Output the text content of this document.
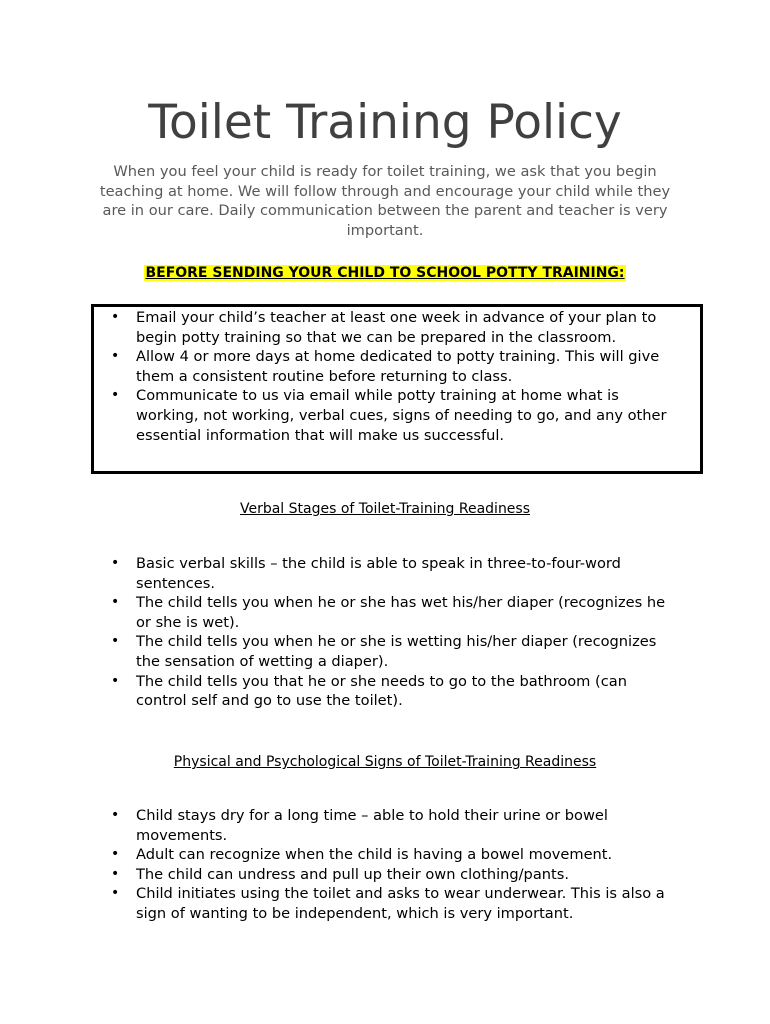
Toilet Training Policy

When you feel your child is ready for toilet training, we ask that you begin teaching at home. We will follow through and encourage your child while they are in our care. Daily communication between the parent and teacher is very important.

BEFORE SENDING YOUR CHILD TO SCHOOL POTTY TRAINING:

• Email your child’s teacher at least one week in advance of your plan to begin potty training so that we can be prepared in the classroom.
• Allow 4 or more days at home dedicated to potty training. This will give them a consistent routine before returning to class.
• Communicate to us via email while potty training at home what is working, not working, verbal cues, signs of needing to go, and any other essential information that will make us successful.

Verbal Stages of Toilet-Training Readiness

• Basic verbal skills – the child is able to speak in three-to-four-word sentences.
• The child tells you when he or she has wet his/her diaper (recognizes he or she is wet).
• The child tells you when he or she is wetting his/her diaper (recognizes the sensation of wetting a diaper).
• The child tells you that he or she needs to go to the bathroom (can control self and go to use the toilet).

Physical and Psychological Signs of Toilet-Training Readiness

• Child stays dry for a long time – able to hold their urine or bowel movements.
• Adult can recognize when the child is having a bowel movement.
• The child can undress and pull up their own clothing/pants.
• Child initiates using the toilet and asks to wear underwear. This is also a sign of wanting to be independent, which is very important.
